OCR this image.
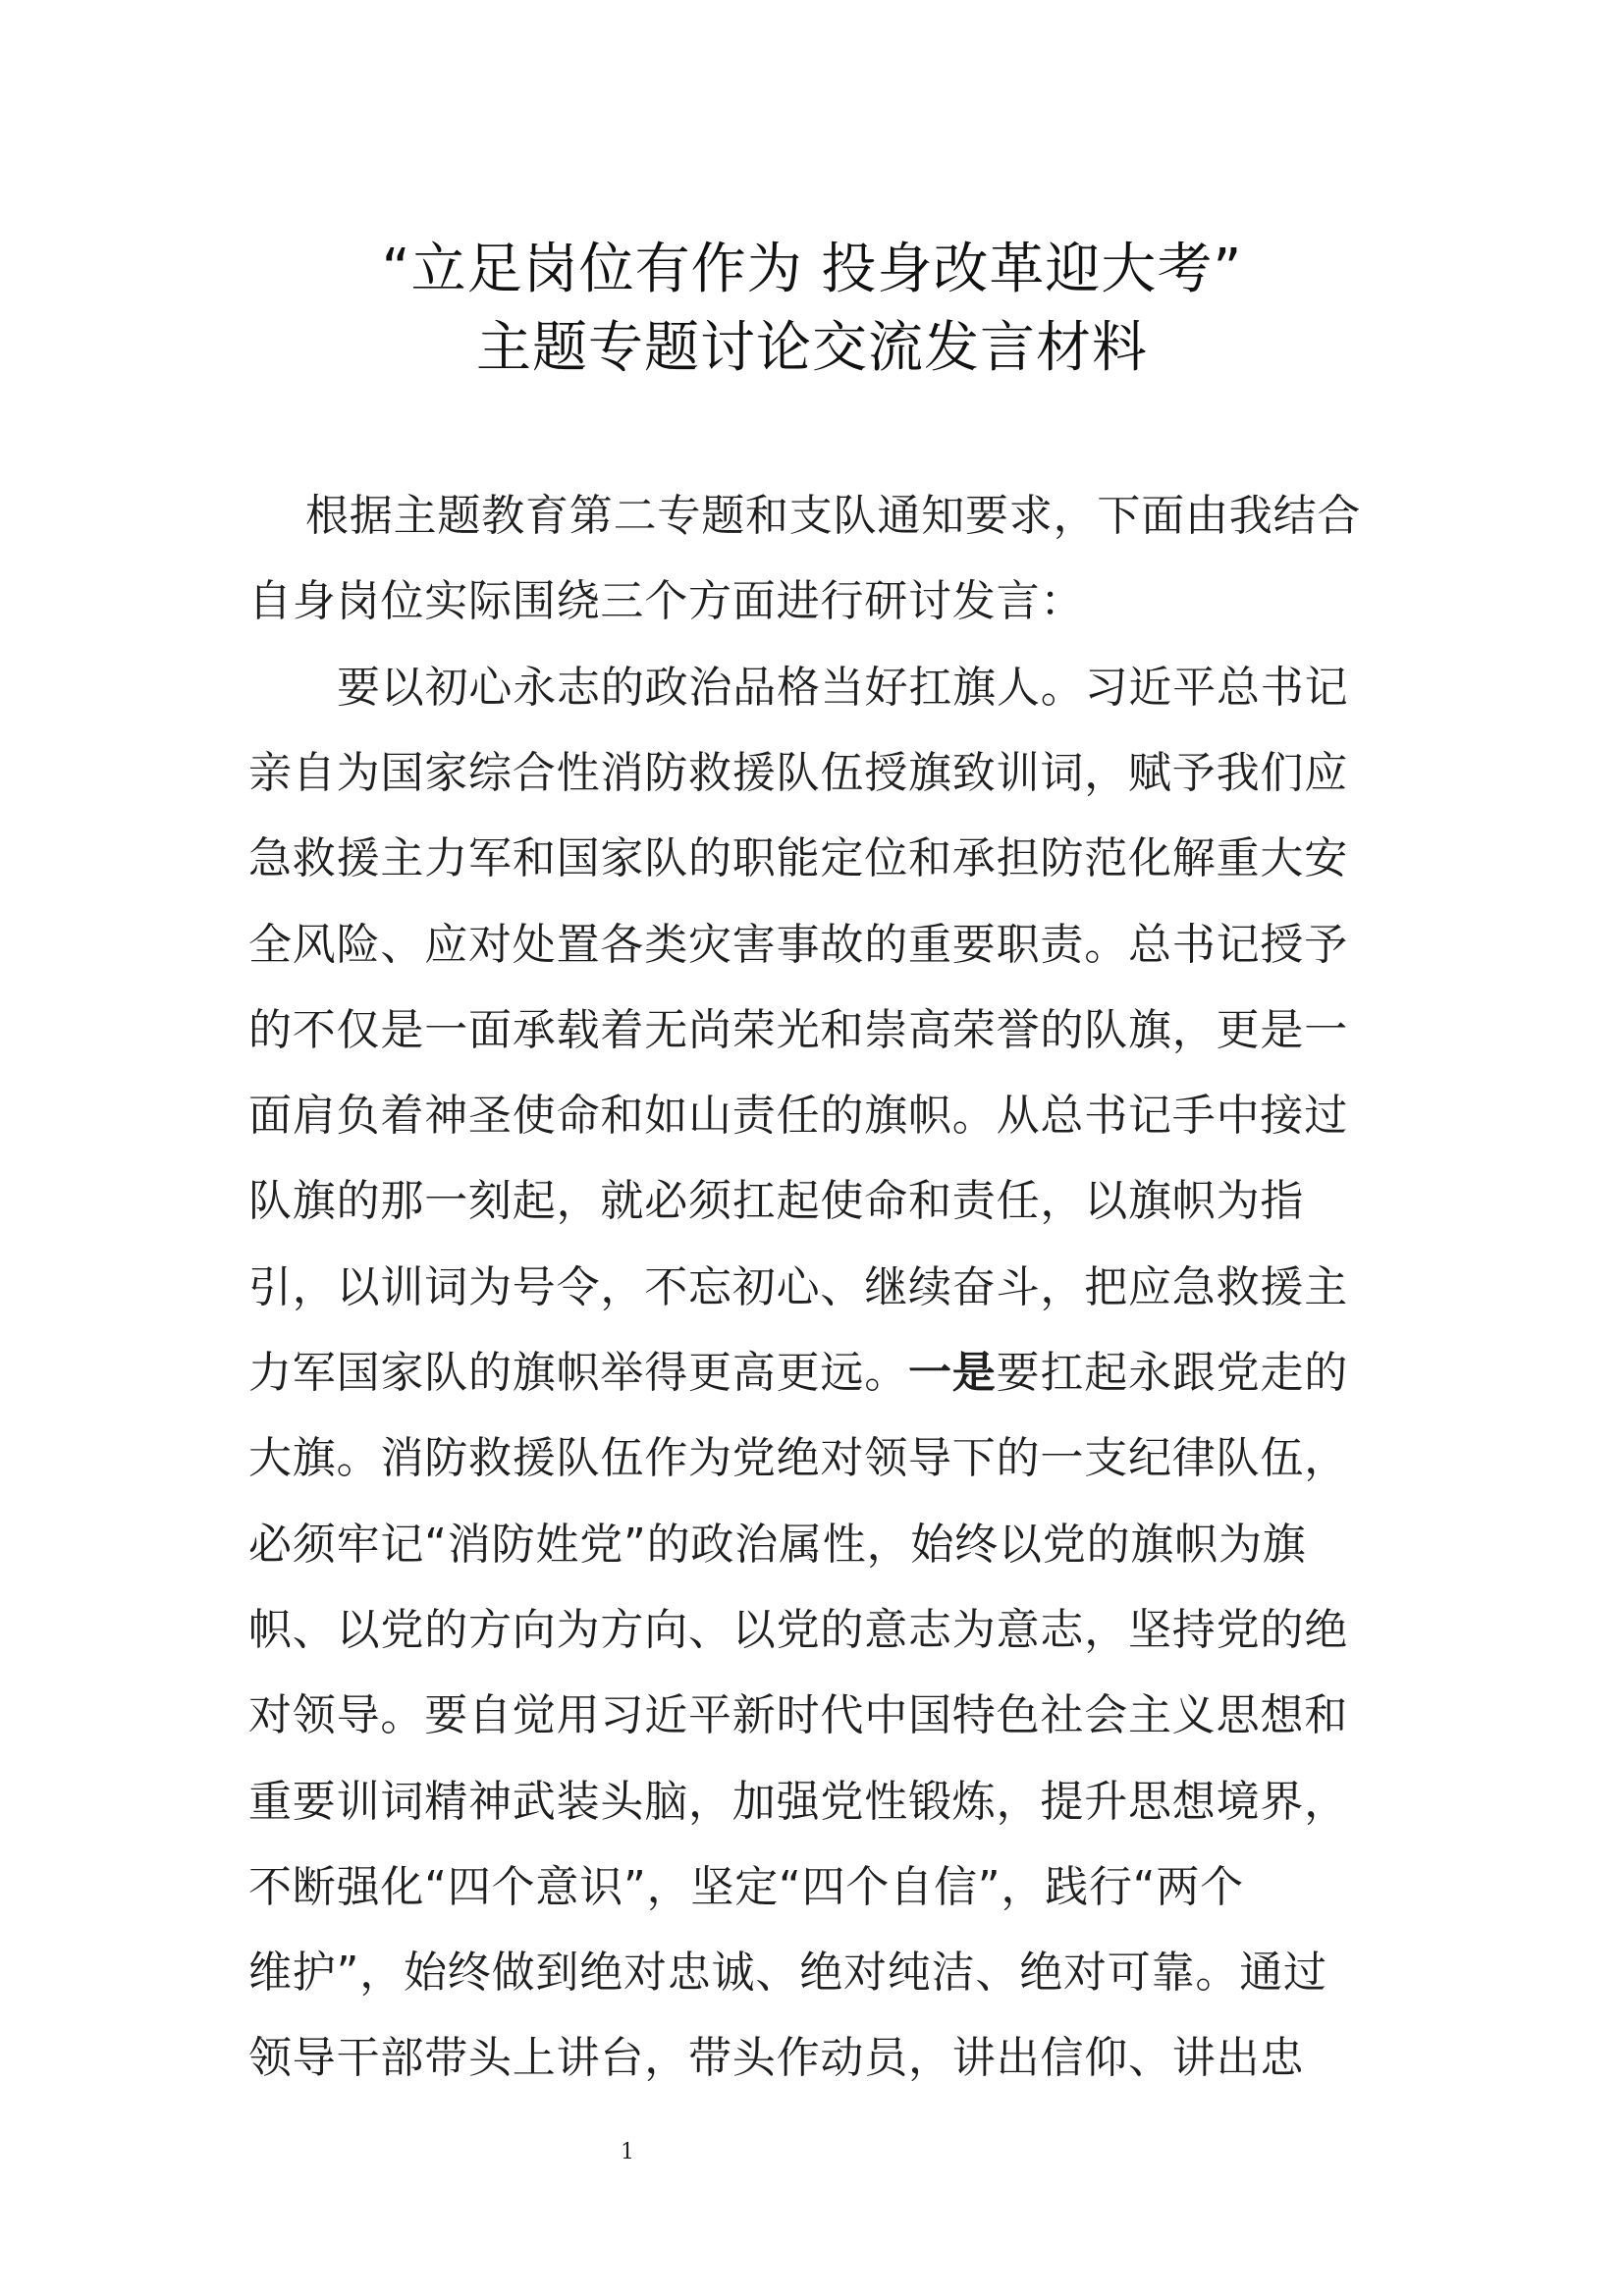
“立足岗位有作为 投身改革迎大考”
主题专题讨论交流发言材料
根据主题教育第二专题和支队通知要求，下面由我结合
自身岗位实际围绕三个方面进行研讨发言：
要以初心永志的政治品格当好扛旗人。习近平总书记
亲自为国家综合性消防救援队伍授旗致训词，赋予我们应
急救援主力军和国家队的职能定位和承担防范化解重大安
全风险、应对处置各类灾害事故的重要职责。总书记授予
的不仅是一面承载着无尚荣光和崇高荣誉的队旗，更是一
面肩负着神圣使命和如山责任的旗帜。从总书记手中接过
队旗的那一刻起，就必须扛起使命和责任，以旗帜为指
引，以训词为号令，不忘初心、继续奋斗，把应急救援主
力军国家队的旗帜举得更高更远。一是要扛起永跟党走的
大旗。消防救援队伍作为党绝对领导下的一支纪律队伍，
必须牢记“消防姓党”的政治属性，始终以党的旗帜为旗
帜、以党的方向为方向、以党的意志为意志，坚持党的绝
对领导。要自觉用习近平新时代中国特色社会主义思想和
重要训词精神武装头脑，加强党性锻炼，提升思想境界，
不断强化“四个意识”，坚定“四个自信”，践行“两个
维护”，始终做到绝对忠诚、绝对纯洁、绝对可靠。通过
领导干部带头上讲台，带头作动员，讲出信仰、讲出忠
1
